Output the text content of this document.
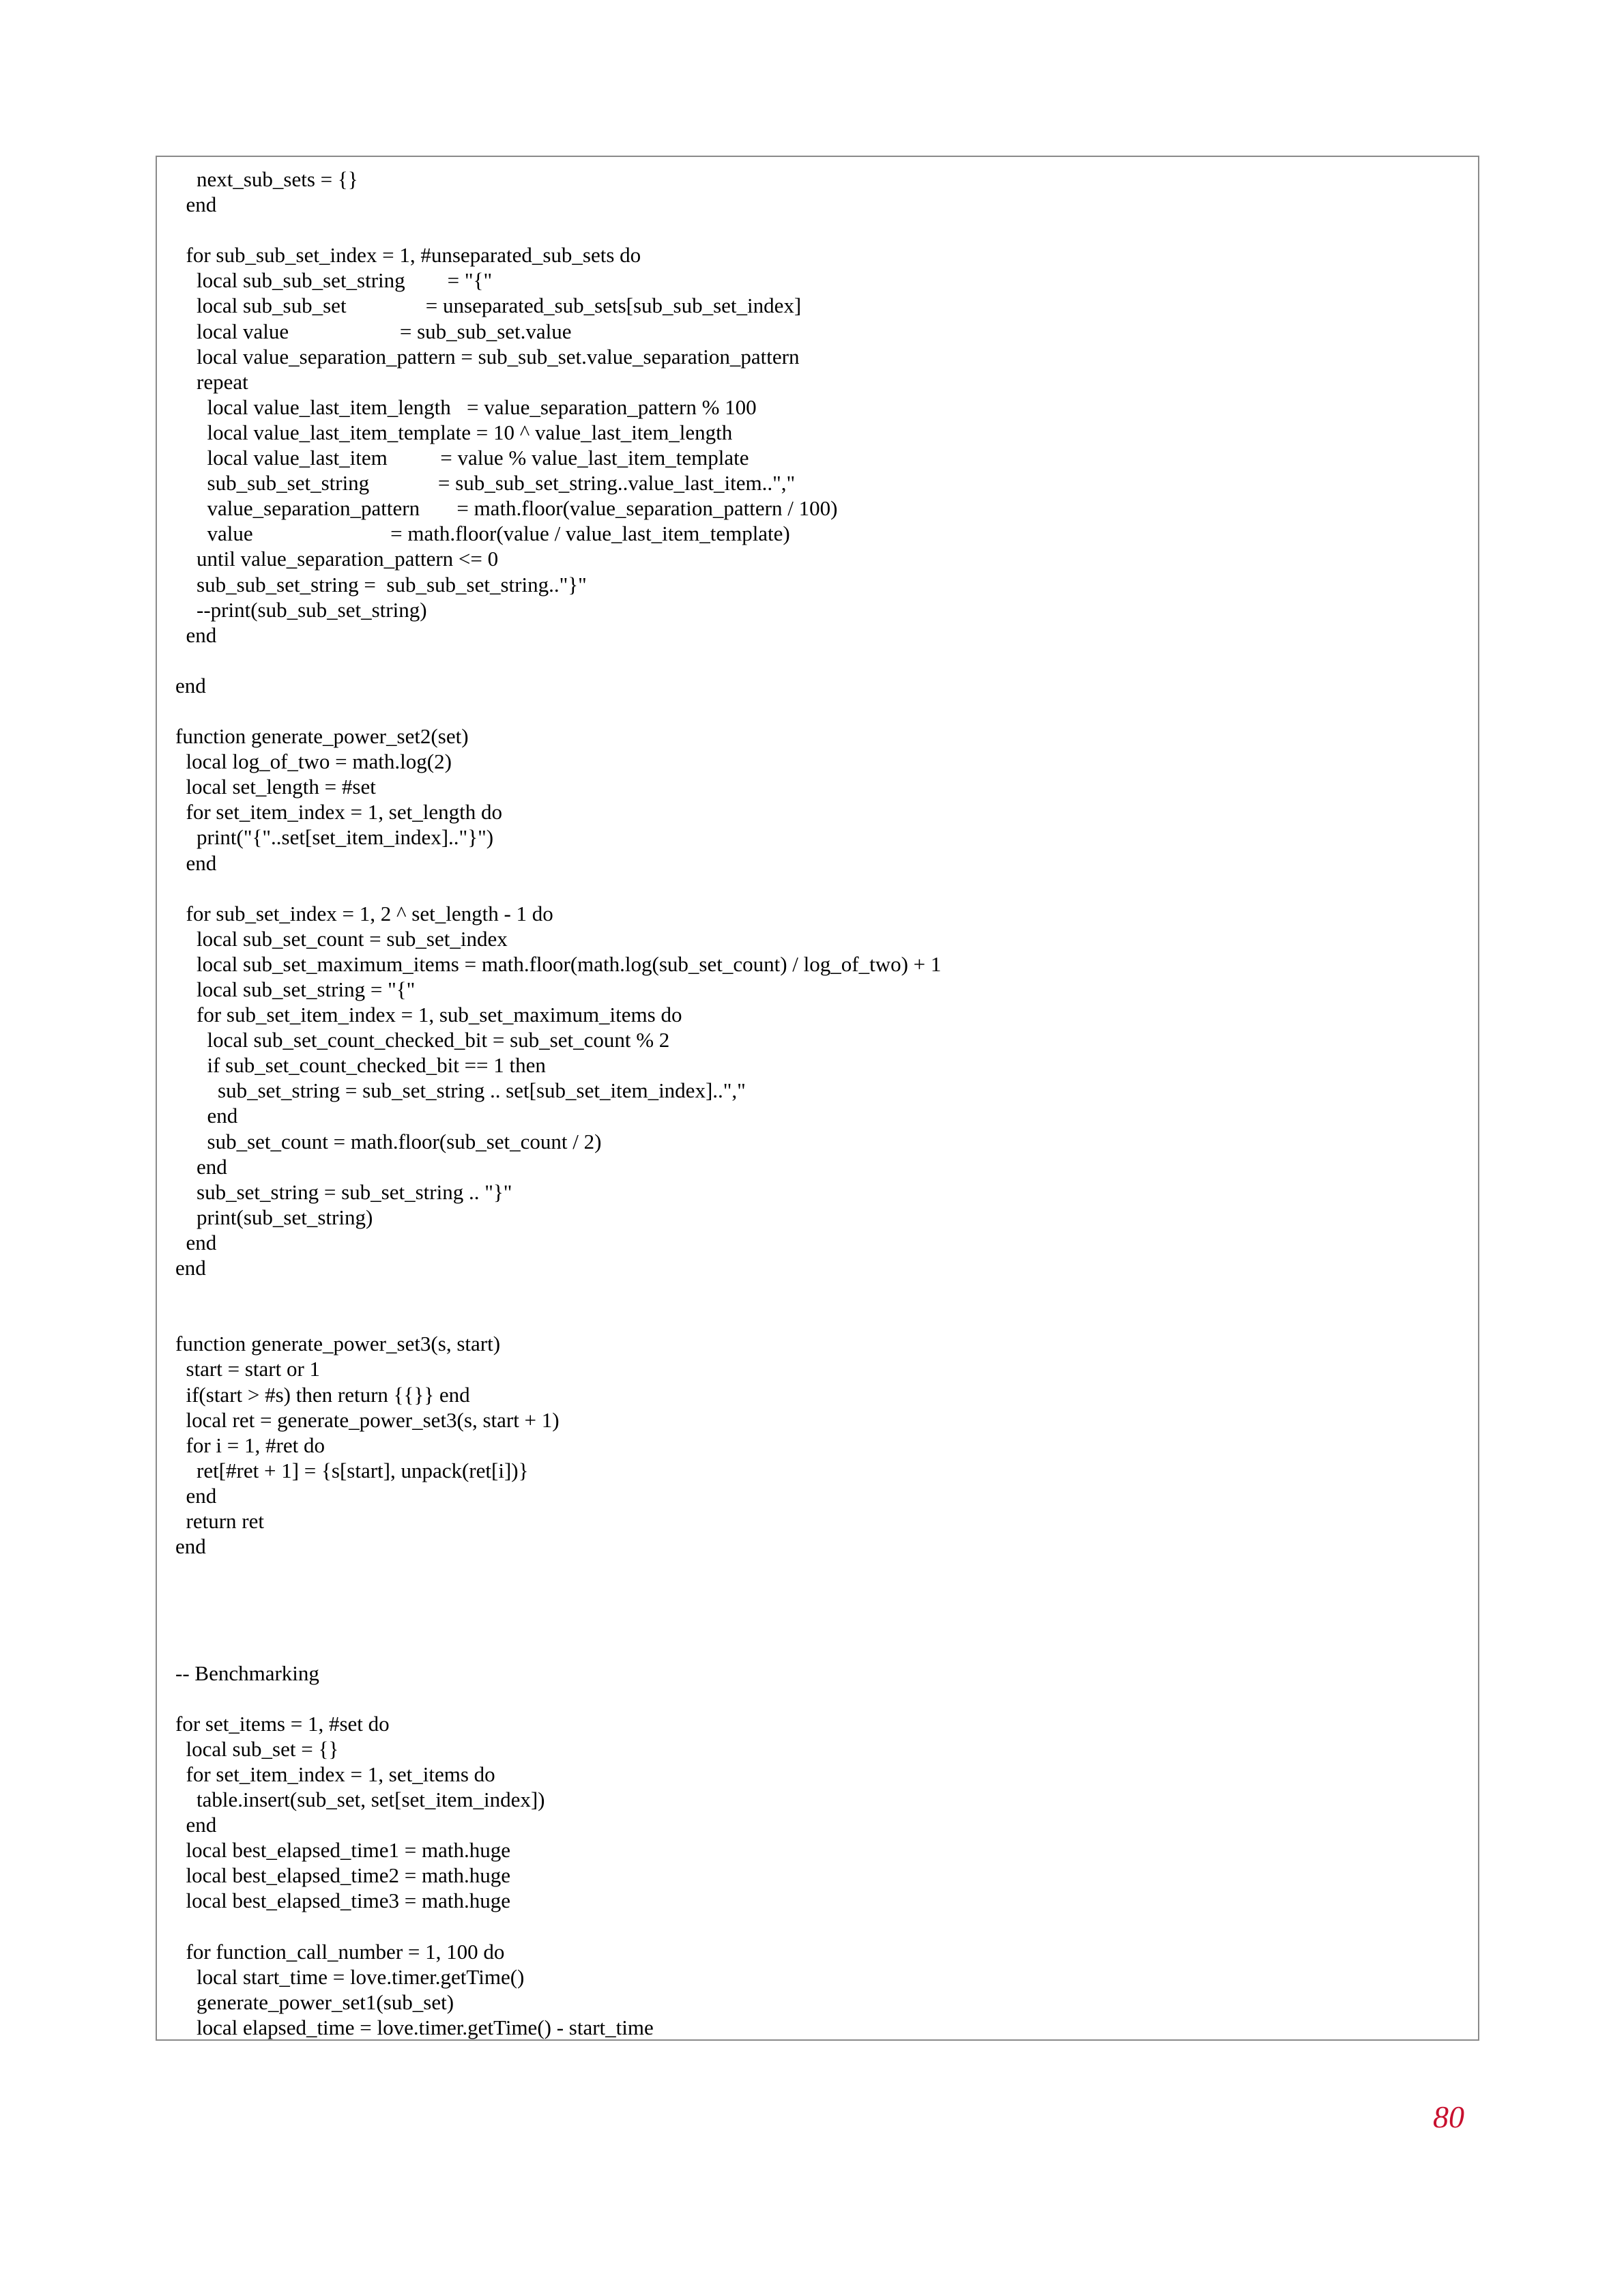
next_sub_sets = {}
end
for sub_sub_set_index = 1, #unseparated_sub_sets do
local sub_sub_set_string        = "{"
local sub_sub_set               = unseparated_sub_sets[sub_sub_set_index]
local value                     = sub_sub_set.value
local value_separation_pattern = sub_sub_set.value_separation_pattern
repeat
local value_last_item_length   = value_separation_pattern % 100
local value_last_item_template = 10 ^ value_last_item_length
local value_last_item          = value % value_last_item_template
sub_sub_set_string             = sub_sub_set_string..value_last_item..","
value_separation_pattern       = math.floor(value_separation_pattern / 100)
value                          = math.floor(value / value_last_item_template)
until value_separation_pattern <= 0
sub_sub_set_string =  sub_sub_set_string.."}"
--print(sub_sub_set_string)
end
end
function generate_power_set2(set)
local log_of_two = math.log(2)
local set_length = #set
for set_item_index = 1, set_length do
print("{"..set[set_item_index].."}")
end
for sub_set_index = 1, 2 ^ set_length - 1 do
local sub_set_count = sub_set_index
local sub_set_maximum_items = math.floor(math.log(sub_set_count) / log_of_two) + 1
local sub_set_string = "{"
for sub_set_item_index = 1, sub_set_maximum_items do
local sub_set_count_checked_bit = sub_set_count % 2
if sub_set_count_checked_bit == 1 then
sub_set_string = sub_set_string .. set[sub_set_item_index]..","
end
sub_set_count = math.floor(sub_set_count / 2)
end
sub_set_string = sub_set_string .. "}"
print(sub_set_string)
end
end
function generate_power_set3(s, start)
start = start or 1
if(start > #s) then return {{}} end
local ret = generate_power_set3(s, start + 1)
for i = 1, #ret do
ret[#ret + 1] = {s[start], unpack(ret[i])}
end
return ret
end
-- Benchmarking
for set_items = 1, #set do
local sub_set = {}
for set_item_index = 1, set_items do
table.insert(sub_set, set[set_item_index])
end
local best_elapsed_time1 = math.huge
local best_elapsed_time2 = math.huge
local best_elapsed_time3 = math.huge
for function_call_number = 1, 100 do
local start_time = love.timer.getTime()
generate_power_set1(sub_set)
local elapsed_time = love.timer.getTime() - start_time
80
